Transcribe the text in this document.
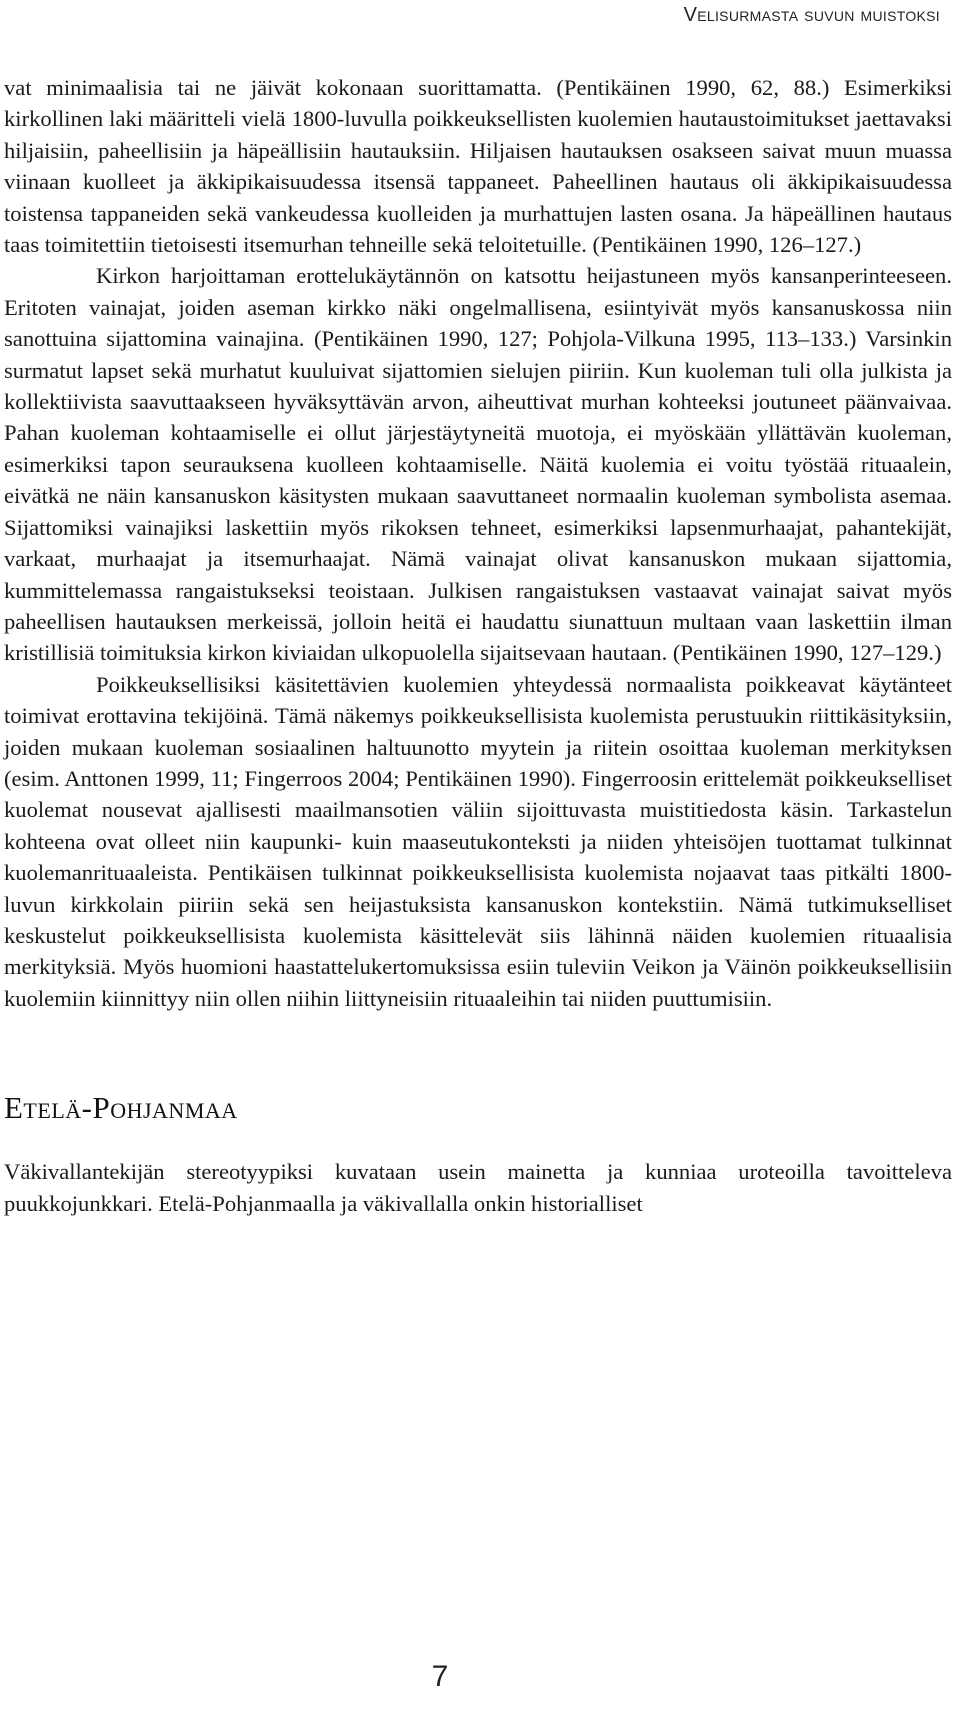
Velisurmasta suvun muistoksi

vat minimaalisia tai ne jäivät kokonaan suorittamatta. (Pentikäinen 1990, 62, 88.) Esimerkiksi kirkollinen laki määritteli vielä 1800-luvulla poikkeuksellisten kuolemien hautaustoimitukset jaettavaksi hiljaisiin, paheellisiin ja häpeällisiin hautauksiin. Hiljaisen hautauksen osakseen saivat muun muassa viinaan kuolleet ja äkkipikaisuudessa itsensä tappaneet. Paheellinen hautaus oli äkkipikaisuudessa toistensa tappaneiden sekä vankeudessa kuolleiden ja murhattujen lasten osana. Ja häpeällinen hautaus taas toimitettiin tietoisesti itsemurhan tehneille sekä teloitetuille. (Pentikäinen 1990, 126–127.)

Kirkon harjoittaman erottelukäytännön on katsottu heijastuneen myös kansanperinteeseen. Eritoten vainajat, joiden aseman kirkko näki ongelmallisena, esiintyivät myös kansanuskossa niin sanottuina sijattomina vainajina. (Pentikäinen 1990, 127; Pohjola-Vilkuna 1995, 113–133.) Varsinkin surmatut lapset sekä murhatut kuuluivat sijattomien sielujen piiriin. Kun kuoleman tuli olla julkista ja kollektiivista saavuttaakseen hyväksyttävän arvon, aiheuttivat murhan kohteeksi joutuneet päänvaivaa. Pahan kuoleman kohtaamiselle ei ollut järjestäytyneitä muotoja, ei myöskään yllättävän kuoleman, esimerkiksi tapon seurauksena kuolleen kohtaamiselle. Näitä kuolemia ei voitu työstää rituaalein, eivätkä ne näin kansanuskon käsitysten mukaan saavuttaneet normaalin kuoleman symbolista asemaa. Sijattomiksi vainajiksi laskettiin myös rikoksen tehneet, esimerkiksi lapsenmurhaajat, pahantekijät, varkaat, murhaajat ja itsemurhaajat. Nämä vainajat olivat kansanuskon mukaan sijattomia, kummittelemassa rangaistukseksi teoistaan. Julkisen rangaistuksen vastaavat vainajat saivat myös paheellisen hautauksen merkeissä, jolloin heitä ei haudattu siunattuun multaan vaan laskettiin ilman kristillisiä toimituksia kirkon kiviaidan ulkopuolella sijaitsevaan hautaan. (Pentikäinen 1990, 127–129.)

Poikkeuksellisiksi käsitettävien kuolemien yhteydessä normaalista poikkeavat käytänteet toimivat erottavina tekijöinä. Tämä näkemys poikkeuksellisista kuolemista perustuukin riittikäsityksiin, joiden mukaan kuoleman sosiaalinen haltuunotto myytein ja riitein osoittaa kuoleman merkityksen (esim. Anttonen 1999, 11; Fingerroos 2004; Pentikäinen 1990). Fingerroosin erittelemät poikkeukselliset kuolemat nousevat ajallisesti maailmansotien väliin sijoittuvasta muistitiedosta käsin. Tarkastelun kohteena ovat olleet niin kaupunki- kuin maaseutukonteksti ja niiden yhteisöjen tuottamat tulkinnat kuolemanrituaaleista. Pentikäisen tulkinnat poikkeuksellisista kuolemista nojaavat taas pitkälti 1800-luvun kirkkolain piiriin sekä sen heijastuksista kansanuskon kontekstiin. Nämä tutkimukselliset keskustelut poikkeuksellisista kuolemista käsittelevät siis lähinnä näiden kuolemien rituaalisia merkityksiä. Myös huomioni haastattelukertomuksissa esiin tuleviin Veikon ja Väinön poikkeuksellisiin kuolemiin kiinnittyy niin ollen niihin liittyneisiin rituaaleihin tai niiden puuttumisiin.

Etelä-Pohjanmaa

Väkivallantekijän stereotyypiksi kuvataan usein mainetta ja kunniaa uroteoilla tavoitteleva puukkojunkkari. Etelä-Pohjanmaalla ja väkivallalla onkin historialliset

7
